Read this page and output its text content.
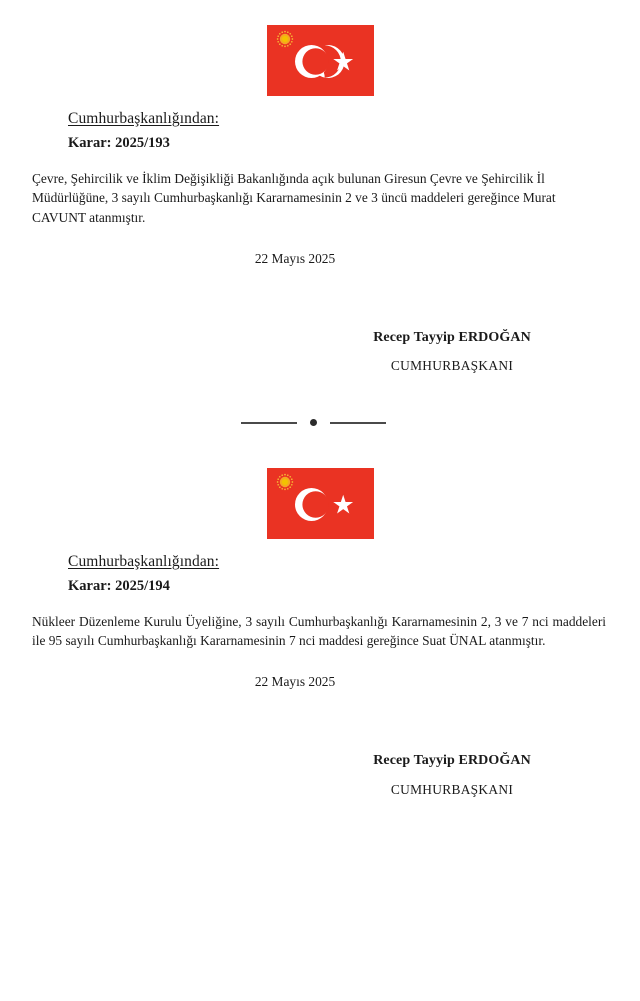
Cumhurbaşkanlığından:

Karar: 2025/193

Çevre, Şehircilik ve İklim Değişikliği Bakanlığında açık bulunan Giresun Çevre ve Şehircilik İl Müdürlüğüne, 3 sayılı Cumhurbaşkanlığı Kararnamesinin 2 ve 3 üncü maddeleri gereğince Murat CAVUNT atanmıştır.

22 Mayıs 2025

Recep Tayyip ERDOĞAN

CUMHURBAŞKANI

Cumhurbaşkanlığından:

Karar: 2025/194

Nükleer Düzenleme Kurulu Üyeliğine, 3 sayılı Cumhurbaşkanlığı Kararnamesinin 2, 3 ve 7 nci maddeleri ile 95 sayılı Cumhurbaşkanlığı Kararnamesinin 7 nci maddesi gereğince Suat ÜNAL atanmıştır.

22 Mayıs 2025

Recep Tayyip ERDOĞAN

CUMHURBAŞKANI
